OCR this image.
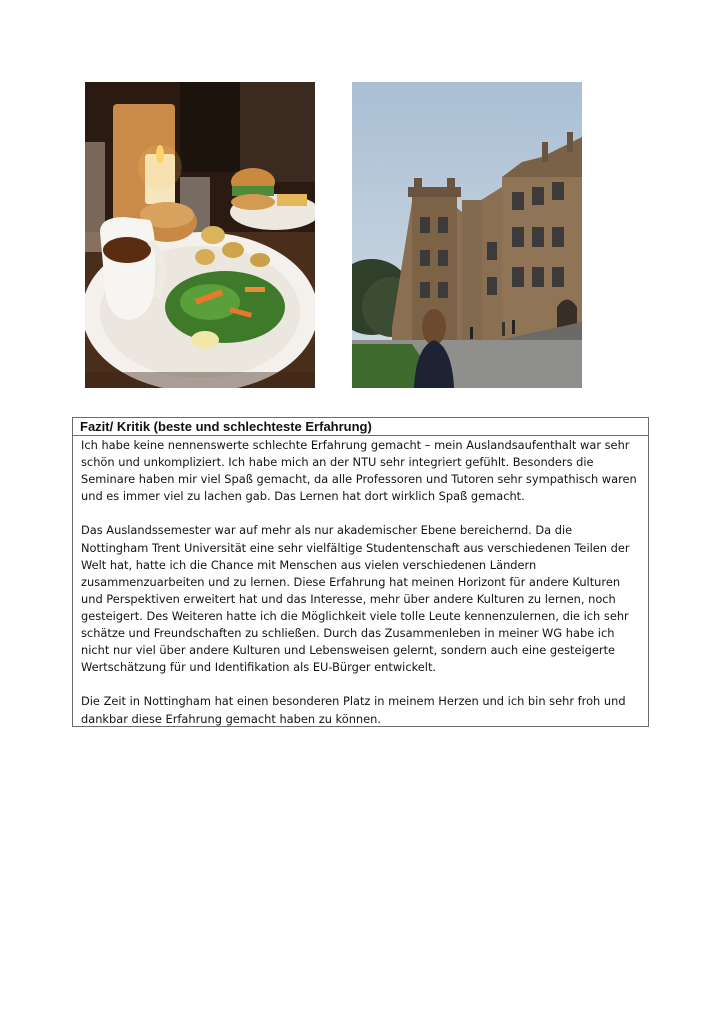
Fazit/ Kritik (beste und schlechteste Erfahrung)

Ich habe keine nennenswerte schlechte Erfahrung gemacht – mein Auslandsaufenthalt war sehr schön und unkompliziert. Ich habe mich an der NTU sehr integriert gefühlt. Besonders die Seminare haben mir viel Spaß gemacht, da alle Professoren und Tutoren sehr sympathisch waren und es immer viel zu lachen gab. Das Lernen hat dort wirklich Spaß gemacht.

Das Auslandssemester war auf mehr als nur akademischer Ebene bereichernd. Da die Nottingham Trent Universität eine sehr vielfältige Studentenschaft aus verschiedenen Teilen der Welt hat, hatte ich die Chance mit Menschen aus vielen verschiedenen Ländern zusammenzuarbeiten und zu lernen. Diese Erfahrung hat meinen Horizont für andere Kulturen und Perspektiven erweitert hat und das Interesse, mehr über andere Kulturen zu lernen, noch gesteigert. Des Weiteren hatte ich die Möglichkeit viele tolle Leute kennenzulernen, die ich sehr schätze und Freundschaften zu schließen. Durch das Zusammenleben in meiner WG habe ich nicht nur viel über andere Kulturen und Lebensweisen gelernt, sondern auch eine gesteigerte Wertschätzung für und Identifikation als EU-Bürger entwickelt.

Die Zeit in Nottingham hat einen besonderen Platz in meinem Herzen und ich bin sehr froh und dankbar diese Erfahrung gemacht haben zu können.
